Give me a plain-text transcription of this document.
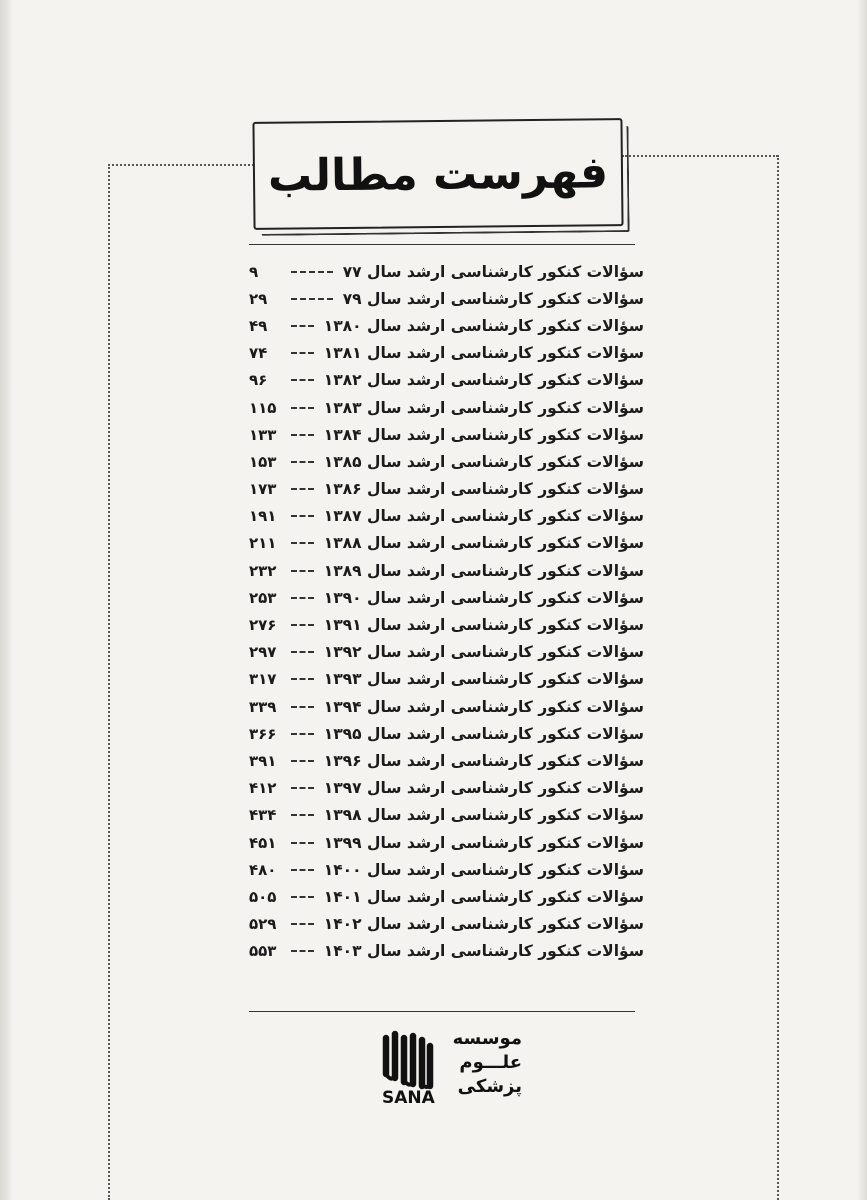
فهرست مطالب
۹	سؤالات کنکور کارشناسی ارشد سال ۷۷
۲۹	سؤالات کنکور کارشناسی ارشد سال ۷۹
۴۹	سؤالات کنکور کارشناسی ارشد سال ۱۳۸۰
۷۴	سؤالات کنکور کارشناسی ارشد سال ۱۳۸۱
۹۶	سؤالات کنکور کارشناسی ارشد سال ۱۳۸۲
۱۱۵	سؤالات کنکور کارشناسی ارشد سال ۱۳۸۳
۱۳۳	سؤالات کنکور کارشناسی ارشد سال ۱۳۸۴
۱۵۳	سؤالات کنکور کارشناسی ارشد سال ۱۳۸۵
۱۷۳	سؤالات کنکور کارشناسی ارشد سال ۱۳۸۶
۱۹۱	سؤالات کنکور کارشناسی ارشد سال ۱۳۸۷
۲۱۱	سؤالات کنکور کارشناسی ارشد سال ۱۳۸۸
۲۳۲	سؤالات کنکور کارشناسی ارشد سال ۱۳۸۹
۲۵۳	سؤالات کنکور کارشناسی ارشد سال ۱۳۹۰
۲۷۶	سؤالات کنکور کارشناسی ارشد سال ۱۳۹۱
۲۹۷	سؤالات کنکور کارشناسی ارشد سال ۱۳۹۲
۳۱۷	سؤالات کنکور کارشناسی ارشد سال ۱۳۹۳
۳۳۹	سؤالات کنکور کارشناسی ارشد سال ۱۳۹۴
۳۶۶	سؤالات کنکور کارشناسی ارشد سال ۱۳۹۵
۳۹۱	سؤالات کنکور کارشناسی ارشد سال ۱۳۹۶
۴۱۲	سؤالات کنکور کارشناسی ارشد سال ۱۳۹۷
۴۳۴	سؤالات کنکور کارشناسی ارشد سال ۱۳۹۸
۴۵۱	سؤالات کنکور کارشناسی ارشد سال ۱۳۹۹
۴۸۰	سؤالات کنکور کارشناسی ارشد سال ۱۴۰۰
۵۰۵	سؤالات کنکور کارشناسی ارشد سال ۱۴۰۱
۵۲۹	سؤالات کنکور کارشناسی ارشد سال ۱۴۰۲
۵۵۳	سؤالات کنکور کارشناسی ارشد سال ۱۴۰۳
موسسه
علـــوم
پزشکی
SANA
